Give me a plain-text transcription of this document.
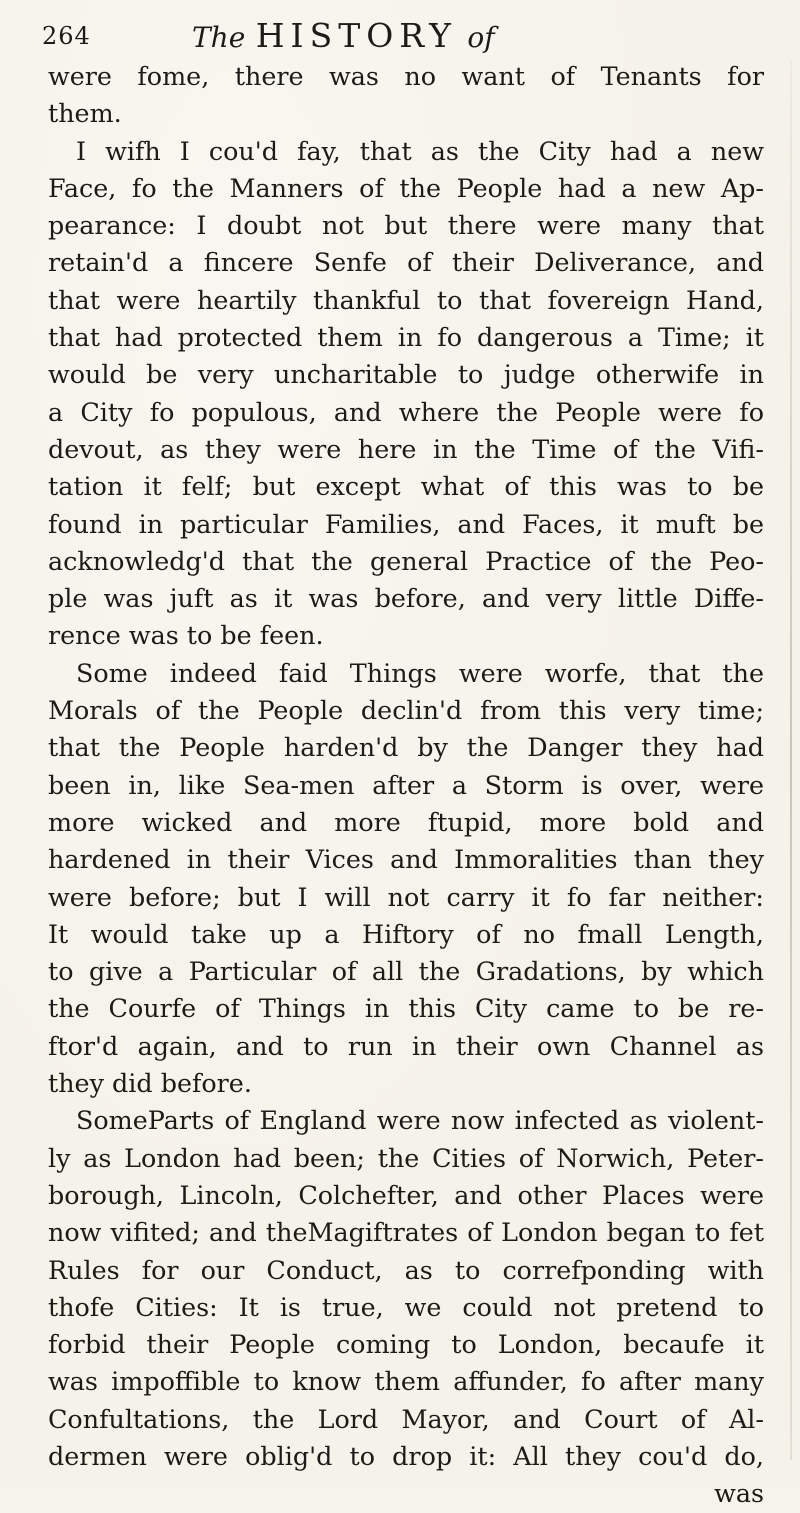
264	The HISTORY of
were fome, there was no want of Tenants for
them.
I wifh I cou'd fay, that as the City had a new
Face, fo the Manners of the People had a new Ap-
pearance: I doubt not but there were many that
retain'd a fincere Senfe of their Deliverance, and
that were heartily thankful to that fovereign Hand,
that had protected them in fo dangerous a Time; it
would be very uncharitable to judge otherwife in
a City fo populous, and where the People were fo
devout, as they were here in the Time of the Vifi-
tation it felf; but except what of this was to be
found in particular Families, and Faces, it muft be
acknowledg'd that the general Practice of the Peo-
ple was juft as it was before, and very little Diffe-
rence was to be feen.
Some indeed faid Things were worfe, that the
Morals of the People declin'd from this very time;
that the People harden'd by the Danger they had
been in, like Sea-men after a Storm is over, were
more wicked and more ftupid, more bold and
hardened in their Vices and Immoralities than they
were before; but I will not carry it fo far neither:
It would take up a Hiftory of no fmall Length,
to give a Particular of all the Gradations, by which
the Courfe of Things in this City came to be re-
ftor'd again, and to run in their own Channel as
they did before.
SomeParts of England were now infected as violent-
ly as London had been; the Cities of Norwich, Peter-
borough, Lincoln, Colchefter, and other Places were
now vifited; and theMagiftrates of London began to fet
Rules for our Conduct, as to correfponding with
thofe Cities: It is true, we could not pretend to
forbid their People coming to London, becaufe it
was impoffible to know them affunder, fo after many
Confultations, the Lord Mayor, and Court of Al-
dermen were oblig'd to drop it: All they cou'd do,
was
